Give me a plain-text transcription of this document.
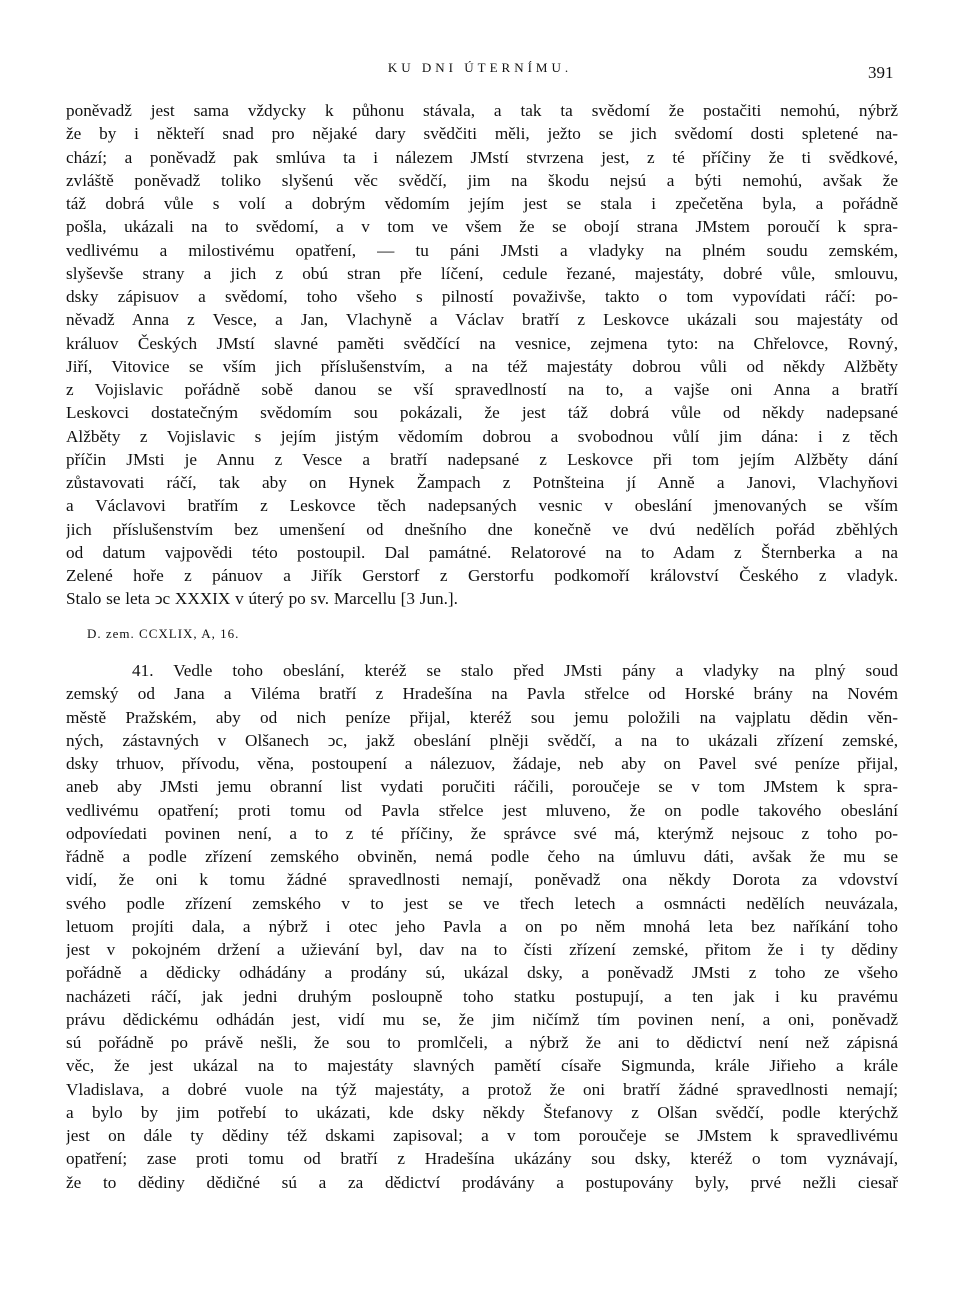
KU DNI ÚTERNÍMU.	391
poněvadž jest sama vždycky k půhonu stávala, a tak ta svědomí že postačiti nemohú, nýbrž
že by i někteří snad pro nějaké dary svědčiti měli, ježto se jich svědomí dosti spletené na-
chází; a poněvadž pak smlúva ta i nálezem JMstí stvrzena jest, z té příčiny že ti svědkové,
zvláště poněvadž toliko slyšenú věc svědčí, jim na škodu nejsú a býti nemohú, avšak že
táž dobrá vůle s volí a dobrým vědomím jejím jest se stala i zpečetěna byla, a pořádně
pošla, ukázali na to svědomí, a v tom ve všem že se obojí strana JMstem poroučí k spra-
vedlivému a milostivému opatření, — tu páni JMsti a vladyky na plném soudu zemském,
slyševše strany a jich z obú stran pře líčení, cedule řezané, majestáty, dobré vůle, smlouvu,
dsky zápisuov a svědomí, toho všeho s pilností považivše, takto o tom vypovídati ráčí: po-
něvadž Anna z Vesce, a Jan, Vlachyně a Václav bratří z Leskovce ukázali sou majestáty od
králuov Českých JMstí slavné paměti svědčící na vesnice, zejmena tyto: na Chřelovce, Rovný,
Jiří, Vitovice se vším jich příslušenstvím, a na též majestáty dobrou vůli od někdy Alžběty
z Vojislavic pořádně sobě danou se vší spravedlností na to, a vajše oni Anna a bratří
Leskovci dostatečným svědomím sou pokázali, že jest táž dobrá vůle od někdy nadepsané
Alžběty z Vojislavic s jejím jistým vědomím dobrou a svobodnou vůlí jim dána: i z těch
příčin JMsti je Annu z Vesce a bratří nadepsané z Leskovce při tom jejím Alžběty dání
zůstavovati ráčí, tak aby on Hynek Žampach z Potnšteina jí Anně a Janovi, Vlachyňovi
a Václavovi bratřím z Leskovce těch nadepsaných vesnic v obeslání jmenovaných se vším
jich příslušenstvím bez umenšení od dnešního dne konečně ve dvú nedělích pořád zběhlých
od datum vajpovědi této postoupil. Dal památné. Relatorové na to Adam z Šternberka a na
Zelené hoře z pánuov a Jiřík Gerstorf z Gerstorfu podkomoří království Českého z vladyk.
Stalo se leta ↄc XXXIX v úterý po sv. Marcellu [3 Jun.].
D. zem. CCXLIX, A, 16.
41. Vedle toho obeslání, kteréž se stalo před JMsti pány a vladyky na plný soud
zemský od Jana a Viléma bratří z Hradešína na Pavla střelce od Horské brány na Novém
městě Pražském, aby od nich peníze přijal, kteréž sou jemu položili na vajplatu dědin věn-
ných, zástavných v Olšanech ↄc, jakž obeslání plněji svědčí, a na to ukázali zřízení zemské,
dsky trhuov, přívodu, věna, postoupení a nálezuov, žádaje, neb aby on Pavel své peníze přijal,
aneb aby JMsti jemu obranní list vydati poručiti ráčili, poroučeje se v tom JMstem k spra-
vedlivému opatření; proti tomu od Pavla střelce jest mluveno, že on podle takového obeslání
odpovíedati povinen není, a to z té příčiny, že správce své má, kterýmž nejsouc z toho po-
řádně a podle zřízení zemského obviněn, nemá podle čeho na úmluvu dáti, avšak že mu se
vidí, že oni k tomu žádné spravedlnosti nemají, poněvadž ona někdy Dorota za vdovství
svého podle zřízení zemského v to jest se ve třech letech a osmnácti nedělích neuvázala,
letuom projíti dala, a nýbrž i otec jeho Pavla a on po něm mnohá leta bez naříkání toho
jest v pokojném držení a užievání byl, dav na to čísti zřízení zemské, přitom že i ty dědiny
pořádně a dědicky odhádány a prodány sú, ukázal dsky, a poněvadž JMsti z toho ze všeho
nacházeti ráčí, jak jedni druhým posloupně toho statku postupují, a ten jak i ku pravému
právu dědickému odhádán jest, vidí mu se, že jim ničímž tím povinen není, a oni, poněvadž
sú pořádně po právě nešli, že sou to promlčeli, a nýbrž že ani to dědictví není než zápisná
věc, že jest ukázal na to majestáty slavných pamětí císaře Sigmunda, krále Jiřieho a krále
Vladislava, a dobré vuole na týž majestáty, a protož že oni bratří žádné spravedlnosti nemají;
a bylo by jim potřebí to ukázati, kde dsky někdy Štefanovy z Olšan svědčí, podle kterýchž
jest on dále ty dědiny též dskami zapisoval; a v tom poroučeje se JMstem k spravedlivému
opatření; zase proti tomu od bratří z Hradešína ukázány sou dsky, kteréž o tom vyznávají,
že to dědiny dědičné sú a za dědictví prodávány a postupovány byly, prvé nežli ciesař
